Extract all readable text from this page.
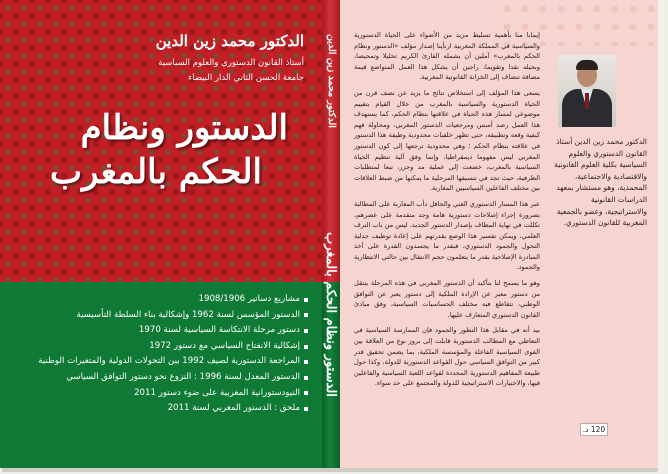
الدكتور محمد زين الدين
أستاذ القانون الدستوري والعلوم السياسية
جامعة الحسن الثاني الدار البيضاء
الدستور ونظام
الحكم بالمغرب
مشاريع دساتير 1908/1906
الدستور المؤسس لسنة 1962 وإشكالية بناء السلطة التأسيسية
دستور مرحلة الانتكاسة السياسية لسنة 1970
إشكالية الانفتاح السياسي مع دستور 1972
المراجعة الدستورية لصيف 1992 بين التحولات الدولية والمتغيرات الوطنية
الدستور المعدل لسنة 1996 : النزوع نحو دستور التوافق السياسي
النيودستورانية المغربية على ضوء دستور 2011
ملحق : الدستور المغربي لسنة 2011
الدكتور محمد زين الدين
الدستور ونظام الحكم بالمغرب
الدكتور محمد زين الدين أستاذ القانون الدستوري والعلوم السياسية بكلية العلوم القانونية والاقتصادية والاجتماعية، المحمدية، وهو مستشار بمعهد الدراسات القانونية والاستراتيجية، وعضو بالجمعية المغربية للقانون الدستوري.

إيمانا منا بأهمية تسليط مزيد من الأضواء على الحياة الدستورية والسياسية في المملكة المغربية ارتأينا إصدار مؤلف «الدستور ونظام الحكم بالمغرب» آملين أن يشمله القارئ الكريم تحليلا وتمحيصا، وبحيله نقدا وتقويما، راجين أن يشكل هذا العمل المتواضع قيمة مضافة تنضاف إلى الخزانة القانونية المغربية.

يسعى هذا المؤلف إلى استخلاص نتائج ما يزيد عن نصف قرن من الحياة الدستورية والسياسية بالمغرب من خلال القيام بتقييم موضوعي لمسار هذه الحياة في علاقتها بنظام الحكم، كما يستهدف هذا العمل رصد أسس ومرجعيات الدستور المغربي، ومحاولة فهم كيفية وقعه وتطبيقه، حتى تظهر خلفيات محدودية وظيفة هذا الدستور في علاقته بنظام الحكم ؛ وهي محدودية ترجعها إلى كون الدستور المغربي ليس مفهوما ديمقراطيا، وإنما وفق آلية تنظيم الحياة السياسية بالمغرب، خضعت إلى عملية مد وجزر، تبعا لمتطلبات الظرفية، حيث تجد في تنسيقها المرحلية ما يمكنها من ضبط العلاقات بين مختلف الفاعلين السياسيين المغاربة.

عبر هذا المسار الدستوري الغني والحافل دأب المغاربة على المطالبة بضرورة إجراء إصلاحات دستورية هامة وجد متقدمة على عصرهم، تكللت في نهاية المطاف بإصدار الدستور الجديد، ليس من باب الترف العلمي، ويمكن تفسير هذا الوضع بقدرتهم على إعادة توظيف جدلية التحول والجمود الدستوري، فبقدر ما يجسدون القدرة على أخذ المبادرة الإصلاحية بقدر ما يتعلمون حجم الانتقال بين حالتي الانتظارية والجمود.

وهو ما يسمح لنا بتأكيد أن الدستور المغربي في هذه المرحلة ينتقل من دستور معبر عن الإرادة الملكية إلى دستور يعبر عن التوافق الوطني، تتقاطع فيه مختلف الحساسيات السياسية، وفق مبادئ القانون الدستوري المتعارف عليها.

بيد أنه في مقابل هذا التطور والجمود فإن الممارسة السياسية في التعاطي مع المطالب الدستورية قابلت إلى بروز نوع من العلاقة بين القوى السياسية الفاعلة والمؤسسة الملكية، بما يضمن تحقيق قدر كبير من التوافق السياسي حول القواعد الدستورية للدولة، وكذا حول طبيعة المفاهيم الدستورية المحددة لقواعد اللعبة السياسية والفاعلين فيها، والاختيارات الاستراتيجية للدولة والمجتمع على حد سواء.

120 د.
